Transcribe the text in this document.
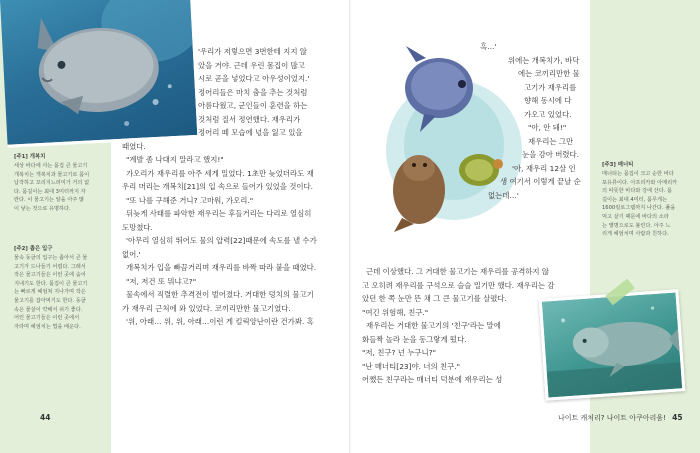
[주1] 개복치
세상 바다에 사는 몸집 큰 물고기
개복치는 개복치과 물고기로 몸이
납작하고 꼬리지느러미가 거의 없
다. 몸길이는 최대 3미터까지 자
란다. 이 물고기는 알을 아주 많
이 낳는 것으로 유명하다.
[주2] 좁은 입구
물속 동굴의 입구는 좁아서 큰 물
고기가 드나들기 어렵다. 그래서
작은 물고기들은 이런 곳에 숨어
지내기도 한다. 몸집이 큰 물고기
는 빠르게 헤엄쳐 지나가며 작은
물고기를 잡아먹기도 한다. 동굴
속은 물살이 약해서 쉬기 좋다.
어린 물고기들은 이런 곳에서
자라며 헤엄치는 법을 배운다.

'우리가 저렇으면 3번한테 지지 않

았을 거야. 근데 우린 몸집이 많고

시로 곧을 넣었다고 아우성이었지.'

정어리들은 마치 춤을 추는 것처럼

아름다웠고, 군인들이 훈련을 하는

것처럼 질서 정연했다. 재우리가

정어리 떼 모습에 넋을 잃고 있을

때였다.

"계발 좀 나대지 말라고 했지!"

가오리가 재우리를 아주 세게 밀었다. 1초만 늦었더라도 재

우리 머리는 개복치[21]의 입 속으로 들어가 있었을 것이다.

"또 나를 구해준 거니? 고마워, 가오리."

뒤늦게 사태를 파악한 재우리는 후들거리는 다리로 열심히

도망쳤다.

'아무리 열심히 뛰어도 물의 압력[22]때문에 속도를 낼 수가

없어.'

개복치가 입을 빠끔거리며 재우리를 바짝 따라 붙을 때였다.

"저, 저건 또 뭐냐고?"

물속에서 직렬한 추격전이 벌어졌다. 거대한 덩치의 물고기

가 재우리 근처에 와 있었다. 코끼리만한 물고기였다.

'위, 아래… 위, 위, 아래…이런 게 킬릭앙난이란 건가봐. 혹

44

흑…'

위에는 개복치가, 바닥

에는 코끼리만한 물

고기가 재우리를

향해 동시에 다

가오고 있었다.

"아, 안 돼!"

재우리는 그만

눈을 감아 버렸다.

'아, 재우리 12살 인

생 여기서 이렇게 끝날 순

없는데…'

근데 이상했다. 그 거대한 물고기는 재우리를 공격하지 않

고 오히려 재우리를 구석으로 슬슬 밀기만 했다. 재우리는 감

았던 한 쪽 눈만 뜬 채 그 큰 물고기를 살폈다.

"여긴 위험해, 친구."

재우리는 거대한 물고기의 '친구'라는 말에

화들짝 놀라 눈을 동그랗게 떴다.

"저, 친구? 넌 누구니?"

"난 매너티[23]야. 너의 친구."

어쨌든 친구라는 매너티 덕분에 재우리는 성

[주3] 매너티
매너티는 몸집이 크고 순한 바다
포유류이다. 아프리카와 아메리카
의 따뜻한 바다와 강에 산다. 몸
길이는 최대 4미터, 몸무게는
1600킬로그램까지 나간다. 풀을
먹고 살기 때문에 바다의 소라
는 별명으로도 불린다. 아주 느
리게 헤엄치며 사람과 친하다.
나이트 캐처리? 나이트 아쿠아리움! 45
